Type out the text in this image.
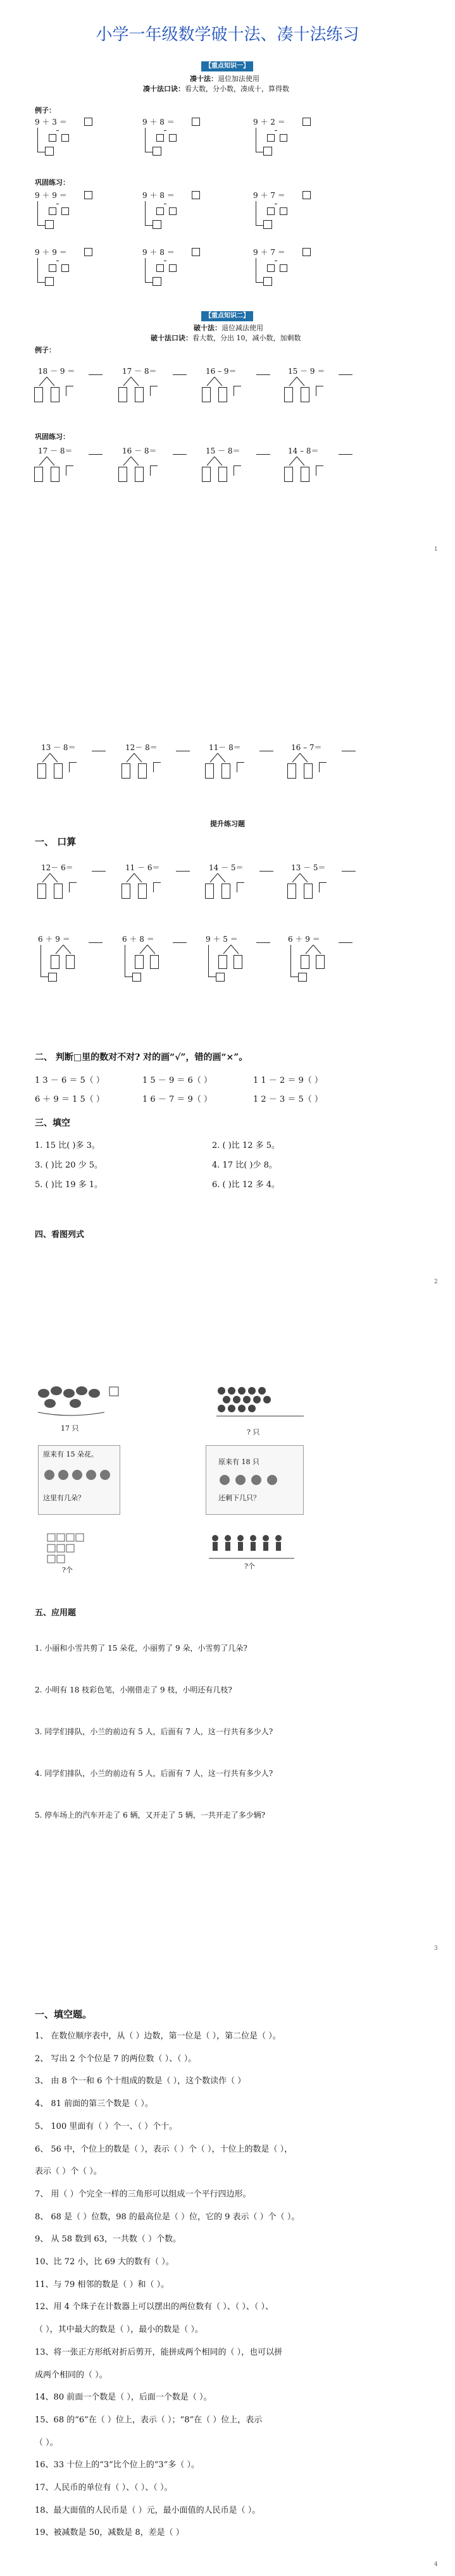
小学一年级数学破十法、凑十法练习
【重点知识一】
凑十法：退位加法使用
凑十法口诀：看大数，分小数，凑成十，算得数
例子：
巩固练习：
【重点知识二】
破十法：退位减法使用
破十法口诀：看大数，分出 10，减小数，加剩数
例子：
巩固练习：
1
提升练习题
一、 口算
二、 判断□里的数对不对? 对的画“√”，错的画“×”。
三、填空
四、看图列式
2
17 只	? 只
原来有 15 朵花。
这里有几朵？
原来有 18 只
还剩下几只？
?个	?个
五、应用题
3
一、填空题。
4
9 ＋ 3 ＝	9 ＋ 8 ＝	9 ＋ 2 ＝
9 ＋ 9 ＝	9 ＋ 8 ＝	9 ＋ 7 ＝
9 ＋ 9 ＝	9 ＋ 8 ＝	9 ＋ 7 ＝
18 － 9 ＝	17 － 8＝	16 – 9＝	15 － 9 ＝
17 － 8＝	16 － 8＝	15 － 8＝	14 – 8＝
13 － 8＝	12－ 8＝	11－ 8＝	16 – 7＝
12－ 6＝	11 － 6＝	14 － 5＝	13 － 5＝
6 ＋ 9 ＝	6 ＋ 8 ＝	9 ＋ 5 ＝	6 ＋ 9 ＝
1 3 － 6 ＝ 5（ ）	1 5 － 9 ＝ 6（ ）	1 1 － 2 ＝ 9（ ）
6 ＋ 9 ＝ 1 5（ ）	1 6 － 7 ＝ 9（ ）	1 2 － 3 ＝ 5（ ）
1. 15 比( )多 3。	2. ( )比 12 多 5。
3. ( )比 20 少 5。	4. 17 比( )少 8。
5. ( )比 19 多 1。	6. ( )比 12 多 4。
1. 小丽和小雪共剪了 15 朵花，小丽剪了 9 朵，小雪剪了几朵?
2. 小明有 18 枝彩色笔，小刚借走了 9 枝，小明还有几枝?
3. 同学们排队，小兰的前边有 5 人，后面有 7 人，这一行共有多少人?
4. 同学们排队，小兰的前边有 5 人，后面有 7 人，这一行共有多少人?
5. 停车场上的汽车开走了 6 辆，又开走了 5 辆，一共开走了多少辆?
1、 在数位顺序表中，从（ ）边数，第一位是（ ），第二位是（ ）。
2、 写出 2 个个位是 7 的两位数（ ）、（ ）。
3、 由 8 个一和 6 个十组成的数是（ ），这个数读作（ ）
4、 81 前面的第三个数是（ ）。
5、 100 里面有（ ）个一、（ ）个十。
6、 56 中，个位上的数是（ ），表示（ ）个（ ），十位上的数是（ ），
表示（ ）个（ ）。
7、 用（ ）个完全一样的三角形可以组成一个平行四边形。
8、 68 是（ ）位数，98 的最高位是（ ）位，它的 9 表示（ ）个（ ）。
9、 从 58 数到 63，一共数（ ）个数。
10、比 72 小，比 69 大的数有（ ）。
11、与 79 相邻的数是（ ）和（ ）。
12、用 4 个珠子在计数器上可以摆出的两位数有（ ）、（ ）、（ ）、
（ ），其中最大的数是（ ），最小的数是（ ）。
13、将一张正方形纸对折后剪开，能拼成两个相同的（ ），也可以拼
成两个相同的（ ）。
14、80 前面一个数是（ ），后面一个数是（ ）。
15、68 的“6”在（ ）位上，表示（ ）；“8”在（ ）位上，表示
（ ）。
16、33 十位上的“3”比个位上的“3”多（ ）。
17、人民币的单位有（ ）、（ ）、（ ）。
18、最大面值的人民币是（ ）元，最小面值的人民币是（ ）。
19、被减数是 50，减数是 8，差是（ ）
